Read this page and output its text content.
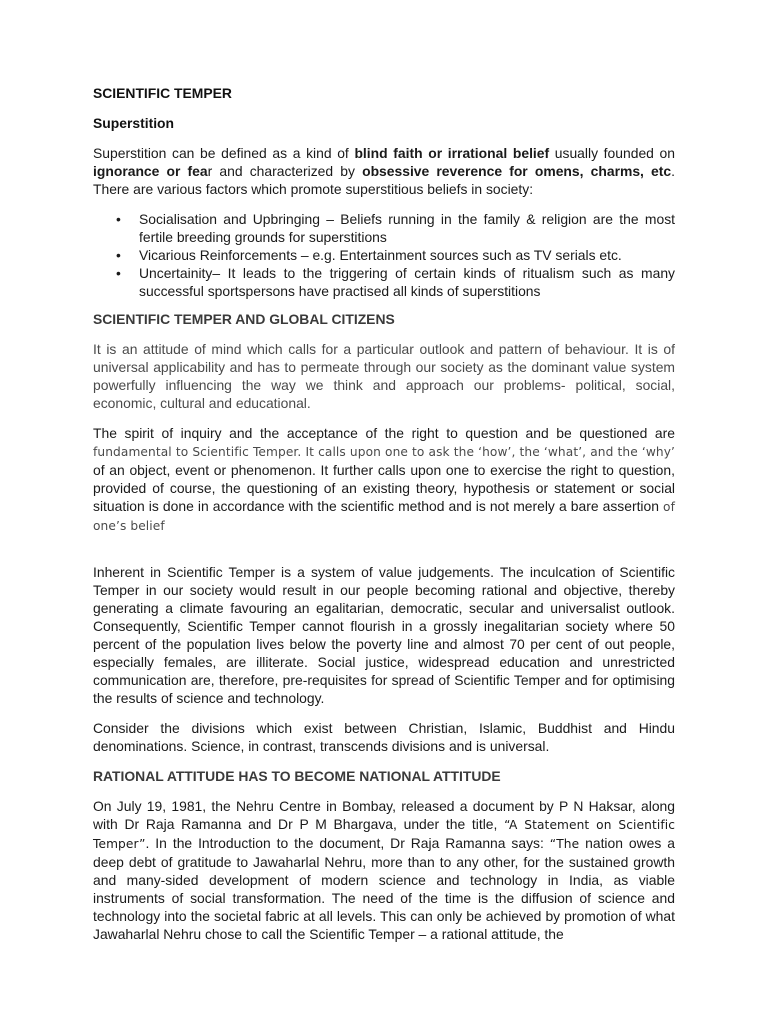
SCIENTIFIC TEMPER

Superstition

Superstition can be defined as a kind of blind faith or irrational belief usually founded on ignorance or fear and characterized by obsessive reverence for omens, charms, etc. There are various factors which promote superstitious beliefs in society:

• Socialisation and Upbringing – Beliefs running in the family & religion are the most fertile breeding grounds for superstitions
• Vicarious Reinforcements – e.g. Entertainment sources such as TV serials etc.
• Uncertainity– It leads to the triggering of certain kinds of ritualism such as many successful sportspersons have practised all kinds of superstitions

SCIENTIFIC TEMPER AND GLOBAL CITIZENS

It is an attitude of mind which calls for a particular outlook and pattern of behaviour. It is of universal applicability and has to permeate through our society as the dominant value system powerfully influencing the way we think and approach our problems- political, social, economic, cultural and educational.

The spirit of inquiry and the acceptance of the right to question and be questioned are fundamental to Scientific Temper. It calls upon one to ask the ‘how’, the ‘what’, and the ‘why’ of an object, event or phenomenon. It further calls upon one to exercise the right to question, provided of course, the questioning of an existing theory, hypothesis or statement or social situation is done in accordance with the scientific method and is not merely a bare assertion of one’s belief

Inherent in Scientific Temper is a system of value judgements. The inculcation of Scientific Temper in our society would result in our people becoming rational and objective, thereby generating a climate favouring an egalitarian, democratic, secular and universalist outlook. Consequently, Scientific Temper cannot flourish in a grossly inegalitarian society where 50 percent of the population lives below the poverty line and almost 70 per cent of out people, especially females, are illiterate. Social justice, widespread education and unrestricted communication are, therefore, pre-requisites for spread of Scientific Temper and for optimising the results of science and technology.

Consider the divisions which exist between Christian, Islamic, Buddhist and Hindu denominations. Science, in contrast, transcends divisions and is universal.

RATIONAL ATTITUDE HAS TO BECOME NATIONAL ATTITUDE

On July 19, 1981, the Nehru Centre in Bombay, released a document by P N Haksar, along with Dr Raja Ramanna and Dr P M Bhargava, under the title, “A Statement on Scientific Temper”. In the Introduction to the document, Dr Raja Ramanna says: “The nation owes a deep debt of gratitude to Jawaharlal Nehru, more than to any other, for the sustained growth and many-sided development of modern science and technology in India, as viable instruments of social transformation. The need of the time is the diffusion of science and technology into the societal fabric at all levels. This can only be achieved by promotion of what Jawaharlal Nehru chose to call the Scientific Temper – a rational attitude, the
